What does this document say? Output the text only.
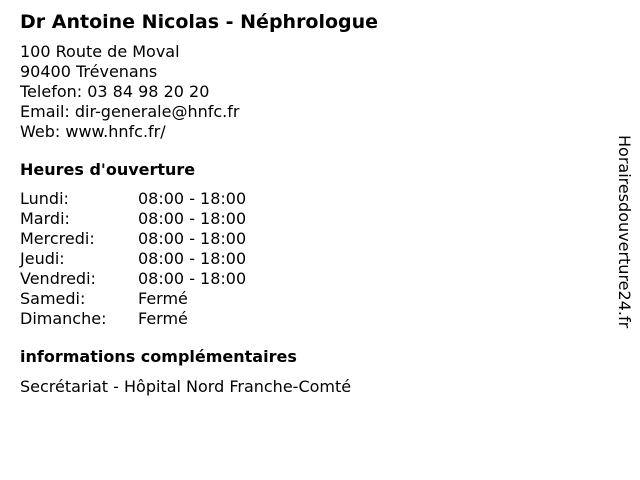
Dr Antoine Nicolas - Néphrologue
100 Route de Moval
90400 Trévenans
Telefon: 03 84 98 20 20
Email: dir-generale@hnfc.fr
Web: www.hnfc.fr/
Heures d'ouverture
Lundi:	08:00 - 18:00
Mardi:	08:00 - 18:00
Mercredi:	08:00 - 18:00
Jeudi:	08:00 - 18:00
Vendredi:	08:00 - 18:00
Samedi:	Fermé
Dimanche:	Fermé
informations complémentaires
Secrétariat - Hôpital Nord Franche-Comté
Horairesdouverture24.fr
